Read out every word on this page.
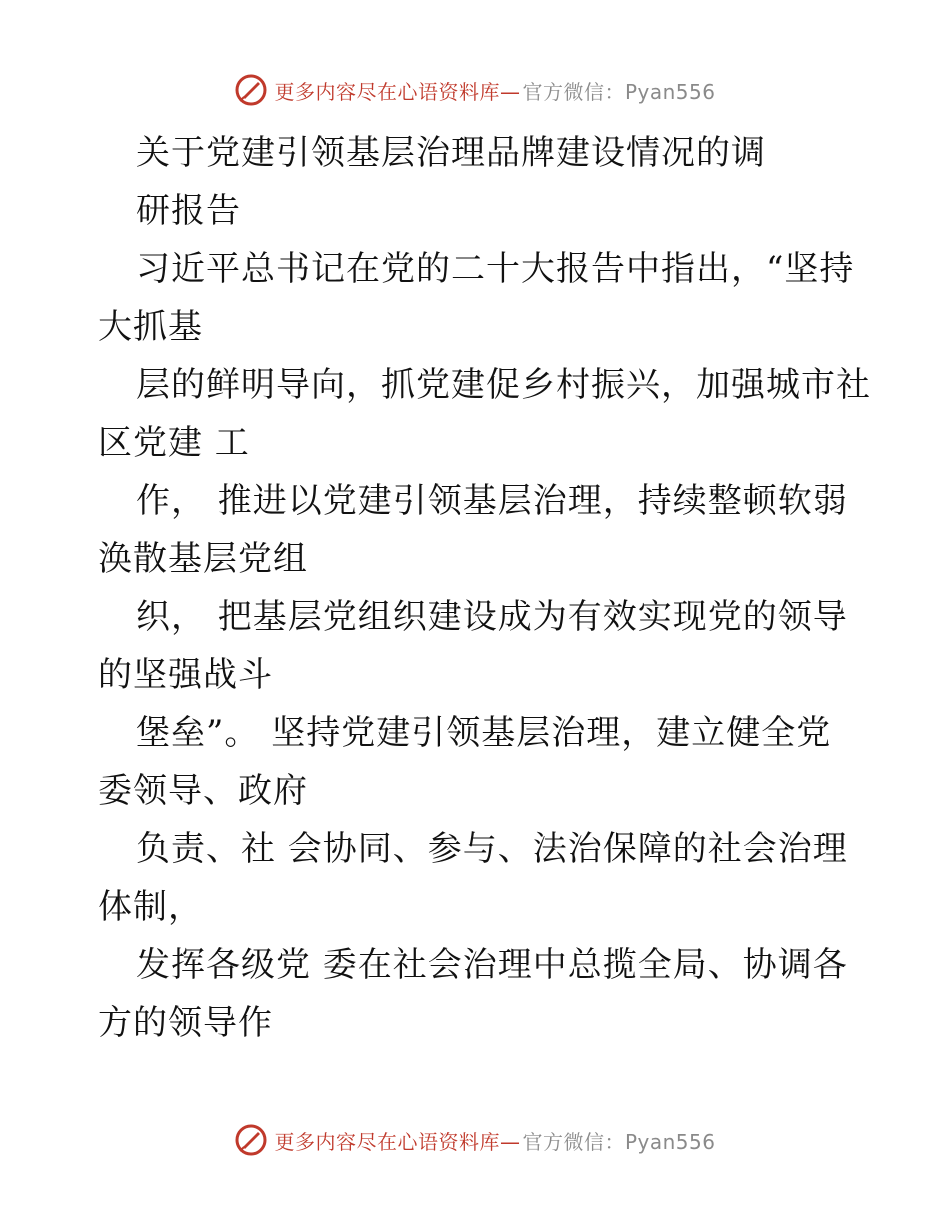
更多内容尽在心语资料库— 官方微信：Pyan556
关于党建引领基层治理品牌建设情况的调
研报告
习近平总书记在党的二十大报告中指出，“坚持
大抓基
层的鲜明导向，抓党建促乡村振兴，加强城市社
区党建 工
作， 推进以党建引领基层治理，持续整顿软弱
涣散基层党组
织， 把基层党组织建设成为有效实现党的领导
的坚强战斗
堡垒”。 坚持党建引领基层治理，建立健全党
委领导、政府
负责、社 会协同、参与、法治保障的社会治理
体制，
发挥各级党 委在社会治理中总揽全局、协调各
方的领导作
更多内容尽在心语资料库— 官方微信：Pyan556
